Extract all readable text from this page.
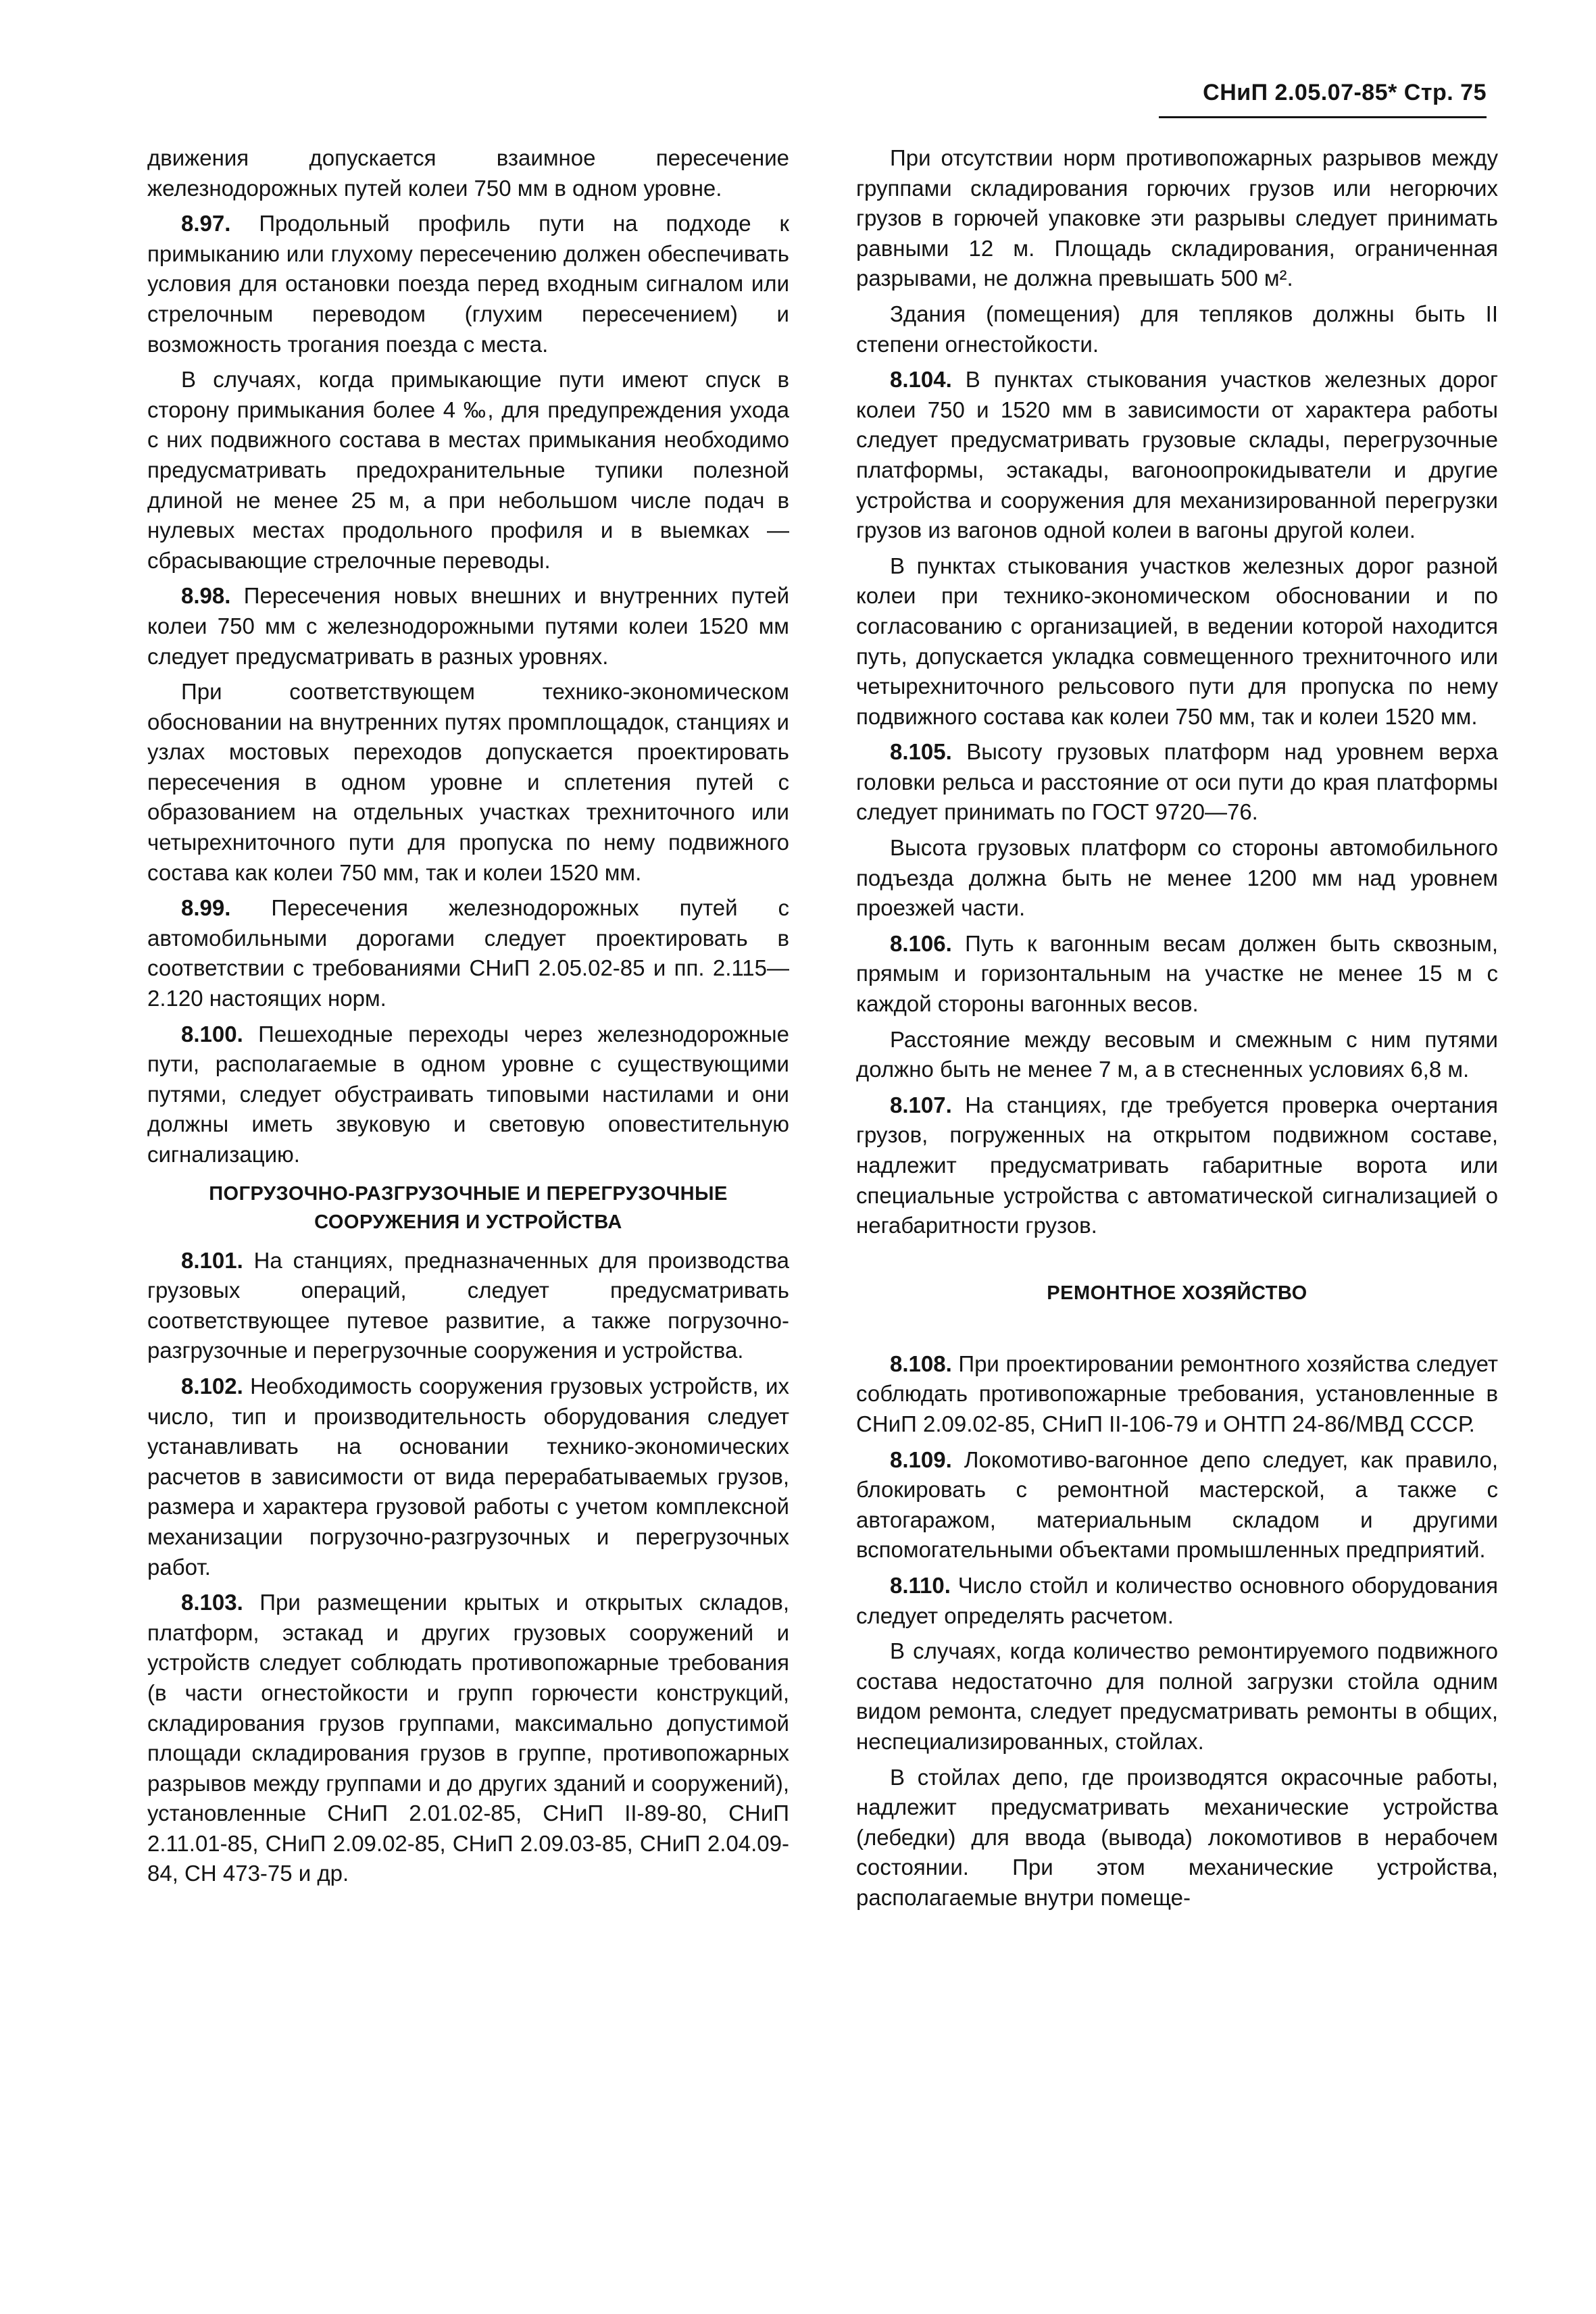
СНиП 2.05.07-85* Стр. 75

движения допускается взаимное пересечение железнодорожных путей колеи 750 мм в одном уровне.

8.97. Продольный профиль пути на подходе к примыканию или глухому пересечению должен обеспечивать условия для остановки поезда перед входным сигналом или стрелочным переводом (глухим пересечением) и возможность трогания поезда с места.

В случаях, когда примыкающие пути имеют спуск в сторону примыкания более 4 ‰, для предупреждения ухода с них подвижного состава в местах примыкания необходимо предусматривать предохранительные тупики полезной длиной не менее 25 м, а при небольшом числе подач в нулевых местах продольного профиля и в выемках — сбрасывающие стрелочные переводы.

8.98. Пересечения новых внешних и внутренних путей колеи 750 мм с железнодорожными путями колеи 1520 мм следует предусматривать в разных уровнях.

При соответствующем технико-экономическом обосновании на внутренних путях промплощадок, станциях и узлах мостовых переходов допускается проектировать пересечения в одном уровне и сплетения путей с образованием на отдельных участках трехниточного или четырехниточного пути для пропуска по нему подвижного состава как колеи 750 мм, так и колеи 1520 мм.

8.99. Пересечения железнодорожных путей с автомобильными дорогами следует проектировать в соответствии с требованиями СНиП 2.05.02-85 и пп. 2.115—2.120 настоящих норм.

8.100. Пешеходные переходы через железнодорожные пути, располагаемые в одном уровне с существующими путями, следует обустраивать типовыми настилами и они должны иметь звуковую и световую оповестительную сигнализацию.

ПОГРУЗОЧНО-РАЗГРУЗОЧНЫЕ И ПЕРЕГРУЗОЧНЫЕ СООРУЖЕНИЯ И УСТРОЙСТВА

8.101. На станциях, предназначенных для производства грузовых операций, следует предусматривать соответствующее путевое развитие, а также погрузочно-разгрузочные и перегрузочные сооружения и устройства.

8.102. Необходимость сооружения грузовых устройств, их число, тип и производительность оборудования следует устанавливать на основании технико-экономических расчетов в зависимости от вида перерабатываемых грузов, размера и характера грузовой работы с учетом комплексной механизации погрузочно-разгрузочных и перегрузочных работ.

8.103. При размещении крытых и открытых складов, платформ, эстакад и других грузовых сооружений и устройств следует соблюдать противопожарные требования (в части огнестойкости и групп горючести конструкций, складирования грузов группами, максимально допустимой площади складирования грузов в группе, противопожарных разрывов между группами и до других зданий и сооружений), установленные СНиП 2.01.02-85, СНиП II-89-80, СНиП 2.11.01-85, СНиП 2.09.02-85, СНиП 2.09.03-85, СНиП 2.04.09-84, СН 473-75 и др.

При отсутствии норм противопожарных разрывов между группами складирования горючих грузов или негорючих грузов в горючей упаковке эти разрывы следует принимать равными 12 м. Площадь складирования, ограниченная разрывами, не должна превышать 500 м².

Здания (помещения) для тепляков должны быть II степени огнестойкости.

8.104. В пунктах стыкования участков железных дорог колеи 750 и 1520 мм в зависимости от характера работы следует предусматривать грузовые склады, перегрузочные платформы, эстакады, вагоноопрокидыватели и другие устройства и сооружения для механизированной перегрузки грузов из вагонов одной колеи в вагоны другой колеи.

В пунктах стыкования участков железных дорог разной колеи при технико-экономическом обосновании и по согласованию с организацией, в ведении которой находится путь, допускается укладка совмещенного трехниточного или четырехниточного рельсового пути для пропуска по нему подвижного состава как колеи 750 мм, так и колеи 1520 мм.

8.105. Высоту грузовых платформ над уровнем верха головки рельса и расстояние от оси пути до края платформы следует принимать по ГОСТ 9720—76.

Высота грузовых платформ со стороны автомобильного подъезда должна быть не менее 1200 мм над уровнем проезжей части.

8.106. Путь к вагонным весам должен быть сквозным, прямым и горизонтальным на участке не менее 15 м с каждой стороны вагонных весов.

Расстояние между весовым и смежным с ним путями должно быть не менее 7 м, а в стесненных условиях 6,8 м.

8.107. На станциях, где требуется проверка очертания грузов, погруженных на открытом подвижном составе, надлежит предусматривать габаритные ворота или специальные устройства с автоматической сигнализацией о негабаритности грузов.

РЕМОНТНОЕ ХОЗЯЙСТВО

8.108. При проектировании ремонтного хозяйства следует соблюдать противопожарные требования, установленные в СНиП 2.09.02-85, СНиП II-106-79 и ОНТП 24-86/МВД СССР.

8.109. Локомотиво-вагонное депо следует, как правило, блокировать с ремонтной мастерской, а также с автогаражом, материальным складом и другими вспомогательными объектами промышленных предприятий.

8.110. Число стойл и количество основного оборудования следует определять расчетом.

В случаях, когда количество ремонтируемого подвижного состава недостаточно для полной загрузки стойла одним видом ремонта, следует предусматривать ремонты в общих, неспециализированных, стойлах.

В стойлах депо, где производятся окрасочные работы, надлежит предусматривать механические устройства (лебедки) для ввода (вывода) локомотивов в нерабочем состоянии. При этом механические устройства, располагаемые внутри помеще-
